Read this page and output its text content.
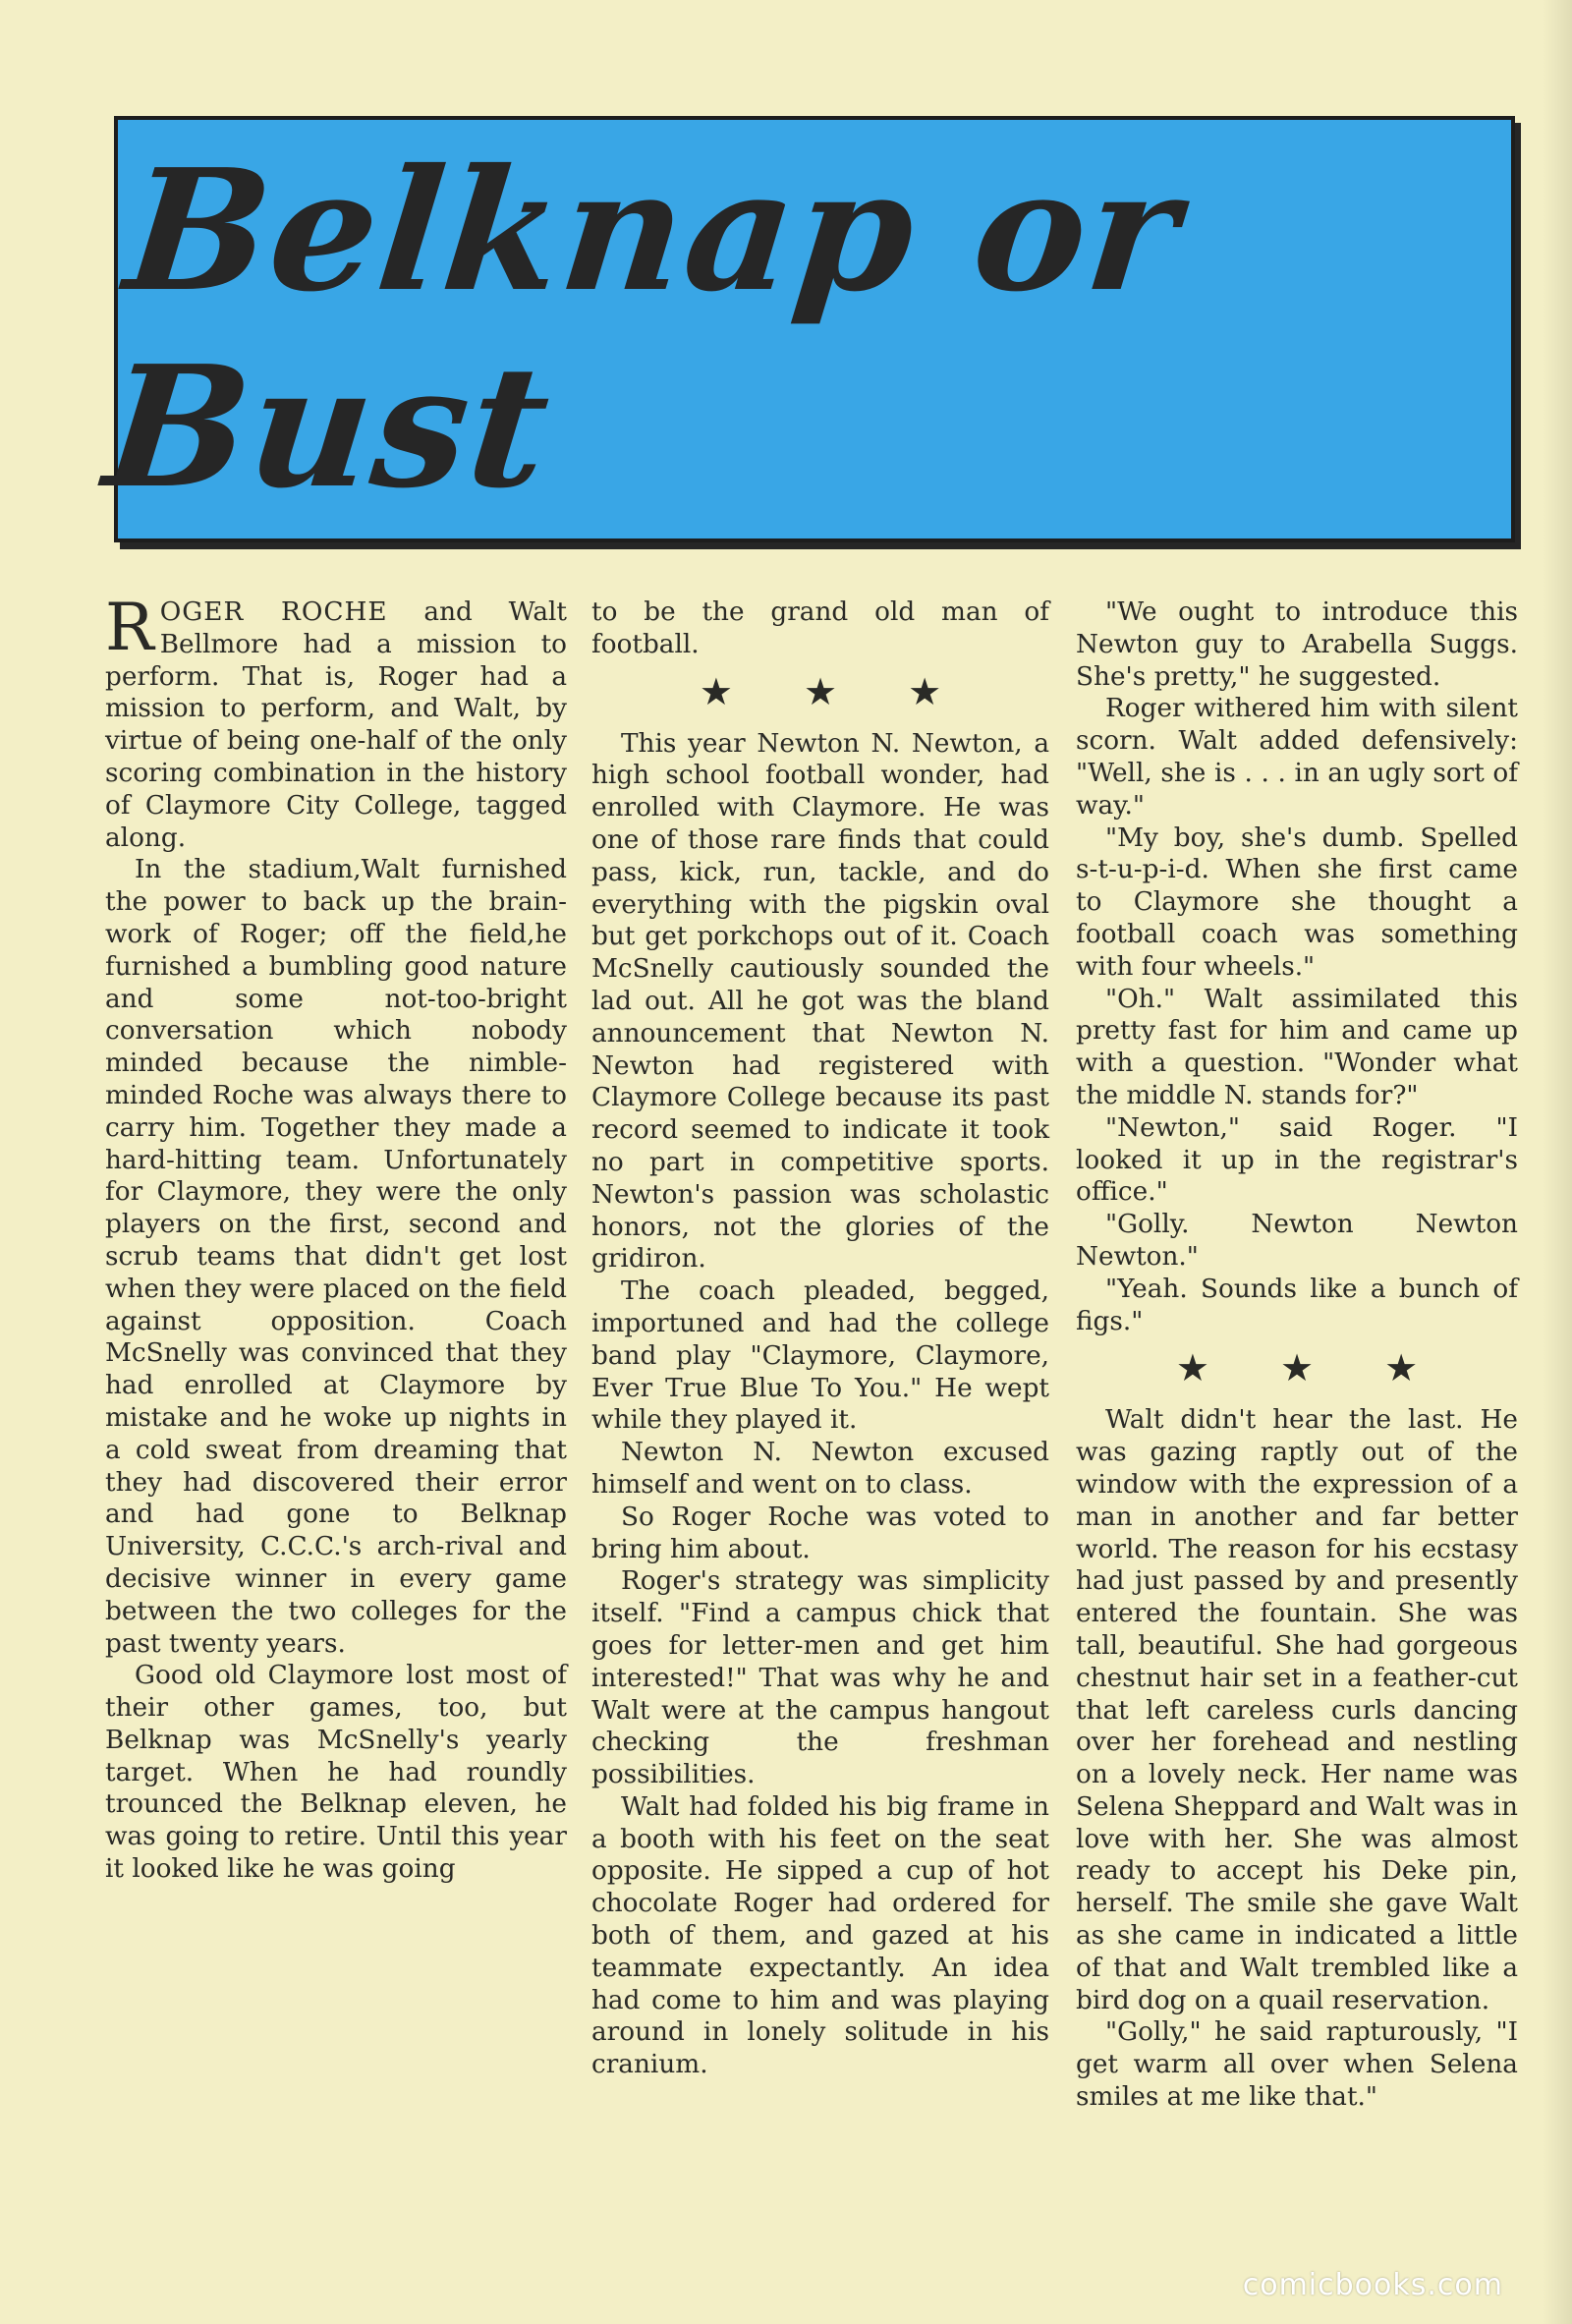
Belknap or Bust

ROGER ROCHE and Walt Bellmore had a mission to perform. That is, Roger had a mission to perform, and Walt, by virtue of being one-half of the only scoring combination in the history of Claymore City College, tagged along.

In the stadium,Walt furnished the power to back up the brain-work of Roger; off the field,he furnished a bumbling good nature and some not-too-bright conversation which nobody minded because the nimble-minded Roche was always there to carry him. Together they made a hard-hitting team. Unfortunately for Claymore, they were the only players on the first, second and scrub teams that didn't get lost when they were placed on the field against opposition. Coach McSnelly was convinced that they had enrolled at Claymore by mistake and he woke up nights in a cold sweat from dreaming that they had discovered their error and had gone to Belknap University, C.C.C.'s arch-rival and decisive winner in every game between the two colleges for the past twenty years.

Good old Claymore lost most of their other games, too, but Belknap was McSnelly's yearly target. When he had roundly trounced the Belknap eleven, he was going to retire. Until this year it looked like he was going

to be the grand old man of football.

★ ★ ★

This year Newton N. Newton, a high school football wonder, had enrolled with Claymore. He was one of those rare finds that could pass, kick, run, tackle, and do everything with the pigskin oval but get porkchops out of it. Coach McSnelly cautiously sounded the lad out. All he got was the bland announcement that Newton N. Newton had registered with Claymore College because its past record seemed to indicate it took no part in competitive sports. Newton's passion was scholastic honors, not the glories of the gridiron.

The coach pleaded, begged, importuned and had the college band play "Claymore, Claymore, Ever True Blue To You." He wept while they played it.

Newton N. Newton excused himself and went on to class.

So Roger Roche was voted to bring him about.

Roger's strategy was simplicity itself. "Find a campus chick that goes for letter-men and get him interested!" That was why he and Walt were at the campus hangout checking the freshman possibilities.

Walt had folded his big frame in a booth with his feet on the seat opposite. He sipped a cup of hot chocolate Roger had ordered for both of them, and gazed at his teammate expectantly. An idea had come to him and was playing around in lonely solitude in his cranium.

"We ought to introduce this Newton guy to Arabella Suggs. She's pretty," he suggested.

Roger withered him with silent scorn. Walt added defensively: "Well, she is . . . in an ugly sort of way."

"My boy, she's dumb. Spelled s-t-u-p-i-d. When she first came to Claymore she thought a football coach was something with four wheels."

"Oh." Walt assimilated this pretty fast for him and came up with a question. "Wonder what the middle N. stands for?"

"Newton," said Roger. "I looked it up in the registrar's office."

"Golly. Newton Newton Newton."

"Yeah. Sounds like a bunch of figs."

★ ★ ★

Walt didn't hear the last. He was gazing raptly out of the window with the expression of a man in another and far better world. The reason for his ecstasy had just passed by and presently entered the fountain. She was tall, beautiful. She had gorgeous chestnut hair set in a feather-cut that left careless curls dancing over her forehead and nestling on a lovely neck. Her name was Selena Sheppard and Walt was in love with her. She was almost ready to accept his Deke pin, herself. The smile she gave Walt as she came in indicated a little of that and Walt trembled like a bird dog on a quail reservation.

"Golly," he said rapturously, "I get warm all over when Selena smiles at me like that."

comicbooks.com
